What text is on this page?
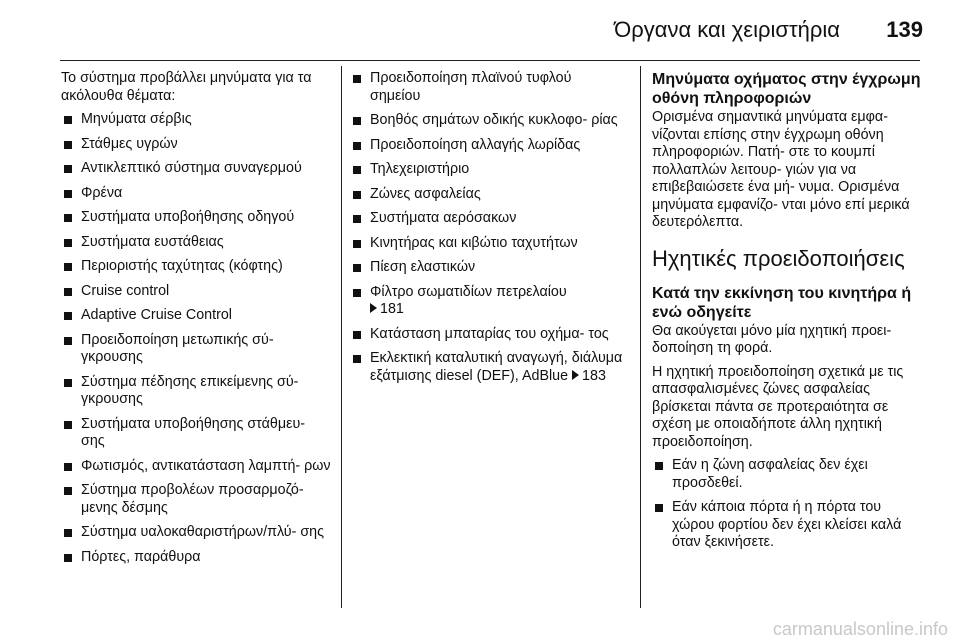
Όργανα και χειριστήρια 139

Το σύστημα προβάλλει μηνύματα για τα ακόλουθα θέματα:

Μηνύματα σέρβις
Στάθμες υγρών
Αντικλεπτικό σύστημα συναγερμού
Φρένα
Συστήματα υποβοήθησης οδηγού
Συστήματα ευστάθειας
Περιοριστής ταχύτητας (κόφτης)
Cruise control
Adaptive Cruise Control
Προειδοποίηση μετωπικής σύ‐ γκρουσης
Σύστημα πέδησης επικείμενης σύ‐ γκρουσης
Συστήματα υποβοήθησης στάθμευ‐ σης
Φωτισμός, αντικατάσταση λαμπτή‐ ρων
Σύστημα προβολέων προσαρμοζό‐ μενης δέσμης
Σύστημα υαλοκαθαριστήρων/πλύ‐ σης
Πόρτες, παράθυρα
Προειδοποίηση πλαϊνού τυφλού σημείου
Βοηθός σημάτων οδικής κυκλοφο‐ ρίας
Προειδοποίηση αλλαγής λωρίδας
Τηλεχειριστήριο
Ζώνες ασφαλείας
Συστήματα αερόσακων
Κινητήρας και κιβώτιο ταχυτήτων
Πίεση ελαστικών
Φίλτρο σωματιδίων πετρελαίου
181
Κατάσταση μπαταρίας του οχήμα‐ τος
Εκλεκτική καταλυτική αναγωγή, διάλυμα εξάτμισης diesel (DEF), AdBlue 183
Μηνύματα οχήματος στην έγχρωμη οθόνη πληροφοριών

Ορισμένα σημαντικά μηνύματα εμφα‐ νίζονται επίσης στην έγχρωμη οθόνη πληροφοριών. Πατή‐ στε το κουμπί πολλαπλών λειτουρ‐ γιών για να επιβεβαιώσετε ένα μή‐ νυμα. Ορισμένα μηνύματα εμφανίζο‐ νται μόνο επί μερικά δευτερόλεπτα.

Ηχητικές προειδοποιήσεις
Κατά την εκκίνηση του κινητήρα ή ενώ οδηγείτε

Θα ακούγεται μόνο μία ηχητική προει‐ δοποίηση τη φορά.

Η ηχητική προειδοποίηση σχετικά με τις απασφαλισμένες ζώνες ασφαλείας βρίσκεται πάντα σε προτεραιότητα σε σχέση με οποιαδήποτε άλλη ηχητική προειδοποίηση.

Εάν η ζώνη ασφαλείας δεν έχει προσδεθεί.
Εάν κάποια πόρτα ή η πόρτα του χώρου φορτίου δεν έχει κλείσει καλά όταν ξεκινήσετε.
carmanualsonline.info
